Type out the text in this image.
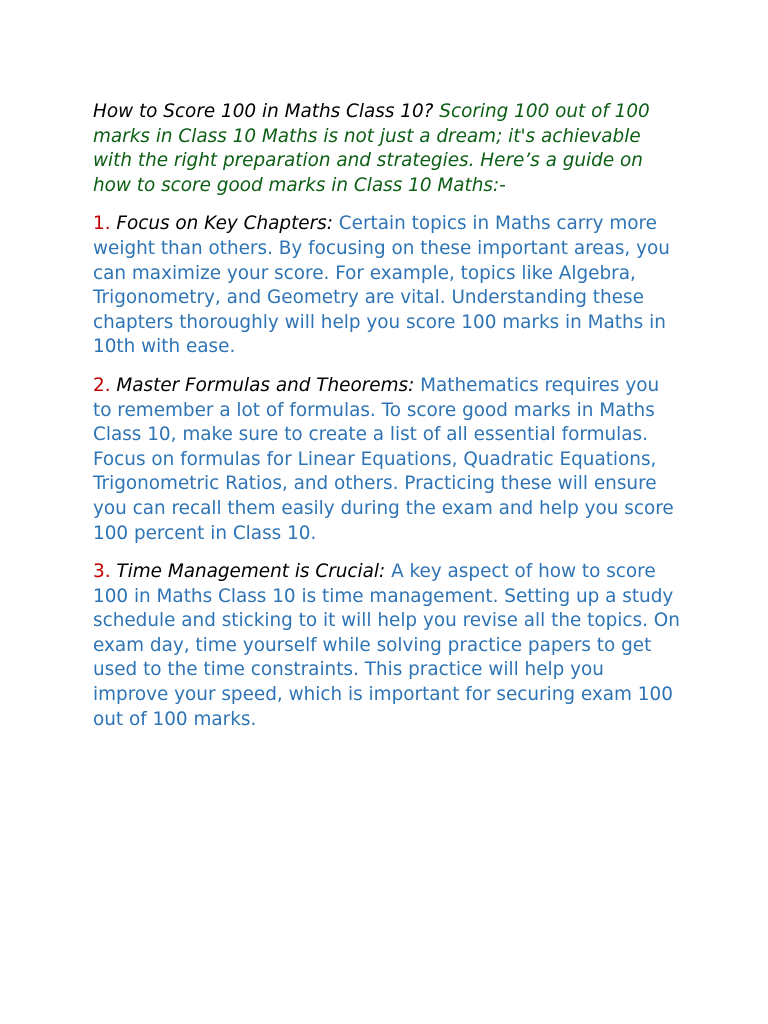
How to Score 100 in Maths Class 10? Scoring 100 out of 100 marks in Class 10 Maths is not just a dream; it's achievable with the right preparation and strategies. Here’s a guide on how to score good marks in Class 10 Maths:-

1. Focus on Key Chapters: Certain topics in Maths carry more weight than others. By focusing on these important areas, you can maximize your score. For example, topics like Algebra, Trigonometry, and Geometry are vital. Understanding these chapters thoroughly will help you score 100 marks in Maths in 10th with ease.

2. Master Formulas and Theorems: Mathematics requires you to remember a lot of formulas. To score good marks in Maths Class 10, make sure to create a list of all essential formulas. Focus on formulas for Linear Equations, Quadratic Equations, Trigonometric Ratios, and others. Practicing these will ensure you can recall them easily during the exam and help you score 100 percent in Class 10.

3. Time Management is Crucial: A key aspect of how to score 100 in Maths Class 10 is time management. Setting up a study schedule and sticking to it will help you revise all the topics. On exam day, time yourself while solving practice papers to get used to the time constraints. This practice will help you improve your speed, which is important for securing exam 100 out of 100 marks.
